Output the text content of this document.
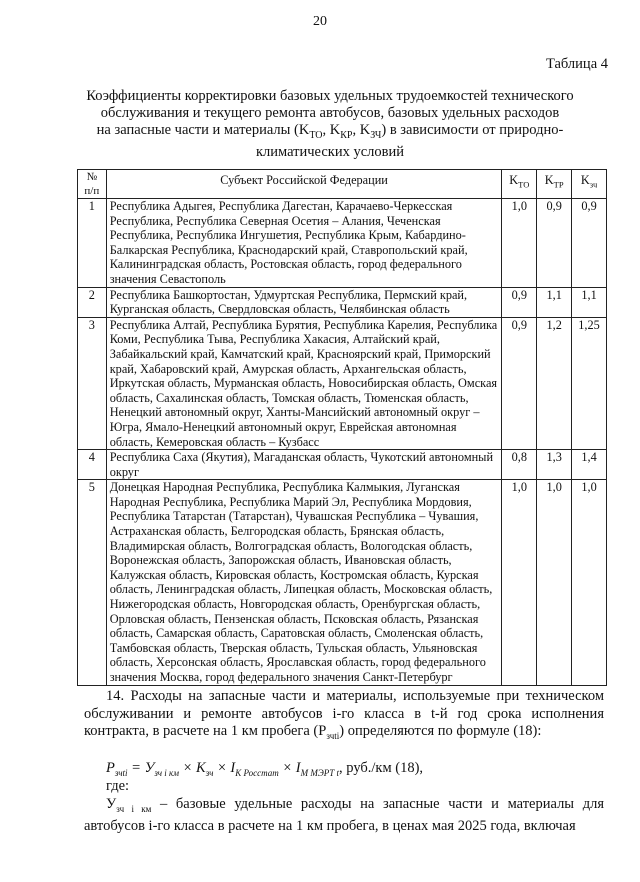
20
Таблица 4
Коэффициенты корректировки базовых удельных трудоемкостей технического
обслуживания и текущего ремонта автобусов, базовых удельных расходов
на запасные части и материалы ($K_{ТО}$, $K_{КР}$, $K_{ЗЧ}$) в зависимости от природно-
климатических условий
№ п/п	Субъект Российской Федерации	$K_{ТО}$	$K_{ТР}$	$K_{зч}$
1	Республика Адыгея, Республика Дагестан, Карачаево-Черкесская Республика, Республика Северная Осетия – Алания, Чеченская Республика, Республика Ингушетия, Республика Крым, Кабардино-Балкарская Республика, Краснодарский край, Ставропольский край, Калининградская область, Ростовская область, город федерального значения Севастополь	1,0	0,9	0,9
2	Республика Башкортостан, Удмуртская Республика, Пермский край, Курганская область, Свердловская область, Челябинская область	0,9	1,1	1,1
3	Республика Алтай, Республика Бурятия, Республика Карелия, Республика Коми, Республика Тыва, Республика Хакасия, Алтайский край, Забайкальский край, Камчатский край, Красноярский край, Приморский край, Хабаровский край, Амурская область, Архангельская область, Иркутская область, Мурманская область, Новосибирская область, Омская область, Сахалинская область, Томская область, Тюменская область, Ненецкий автономный округ, Ханты-Мансийский автономный округ – Югра, Ямало-Ненецкий автономный округ, Еврейская автономная область, Кемеровская область – Кузбасс	0,9	1,2	1,25
4	Республика Саха (Якутия), Магаданская область, Чукотский автономный округ	0,8	1,3	1,4
5	Донецкая Народная Республика, Республика Калмыкия, Луганская Народная Республика, Республика Марий Эл, Республика Мордовия, Республика Татарстан (Татарстан), Чувашская Республика – Чувашия, Астраханская область, Белгородская область, Брянская область, Владимирская область, Волгоградская область, Вологодская область, Воронежская область, Запорожская область, Ивановская область, Калужская область, Кировская область, Костромская область, Курская область, Ленинградская область, Липецкая область, Московская область, Нижегородская область, Новгородская область, Оренбургская область, Орловская область, Пензенская область, Псковская область, Рязанская область, Самарская область, Саратовская область, Смоленская область, Тамбовская область, Тверская область, Тульская область, Ульяновская область, Херсонская область, Ярославская область, город федерального значения Москва, город федерального значения Санкт-Петербург	1,0	1,0	1,0
14. Расходы на запасные части и материалы, используемые при техническом обслуживании и ремонте автобусов i-го класса в t-й год срока исполнения контракта, в расчете на 1 км пробега $(Р_{зчti})$ определяются по формуле (18):
$Р_{зчti} = У_{зч i км} \times K_{зч} \times I_{К Росстат} \times I_{М МЭРТ t}$, руб./км (18),
где:
$У_{зч i км}$ – базовые удельные расходы на запасные части и материалы для автобусов i-го класса в расчете на 1 км пробега, в ценах мая 2025 года, включая
